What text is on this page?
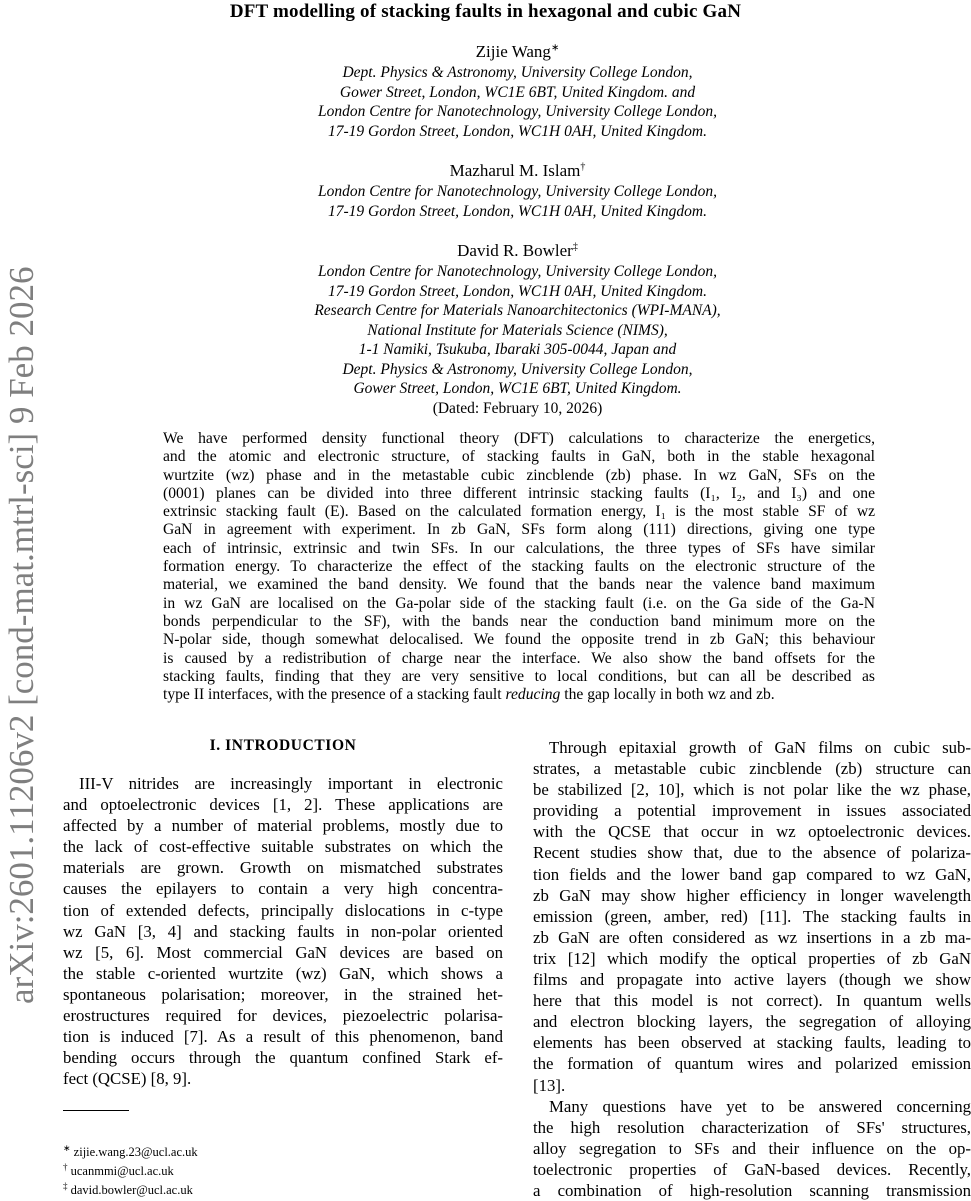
arXiv:2601.11206v2 [cond-mat.mtrl-sci] 9 Feb 2026
DFT modelling of stacking faults in hexagonal and cubic GaN
Zijie Wang∗
Dept. Physics & Astronomy, University College London,
Gower Street, London, WC1E 6BT, United Kingdom. and
London Centre for Nanotechnology, University College London,
17-19 Gordon Street, London, WC1H 0AH, United Kingdom.
Mazharul M. Islam†
London Centre for Nanotechnology, University College London,
17-19 Gordon Street, London, WC1H 0AH, United Kingdom.
David R. Bowler‡
London Centre for Nanotechnology, University College London,
17-19 Gordon Street, London, WC1H 0AH, United Kingdom.
Research Centre for Materials Nanoarchitectonics (WPI-MANA),
National Institute for Materials Science (NIMS),
1-1 Namiki, Tsukuba, Ibaraki 305-0044, Japan and
Dept. Physics & Astronomy, University College London,
Gower Street, London, WC1E 6BT, United Kingdom.
(Dated: February 10, 2026)
We have performed density functional theory (DFT) calculations to characterize the energetics,
and the atomic and electronic structure, of stacking faults in GaN, both in the stable hexagonal
wurtzite (wz) phase and in the metastable cubic zincblende (zb) phase. In wz GaN, SFs on the
(0001) planes can be divided into three different intrinsic stacking faults (I₁, I₂, and I₃) and one
extrinsic stacking fault (E). Based on the calculated formation energy, I₁ is the most stable SF of wz
GaN in agreement with experiment. In zb GaN, SFs form along (111) directions, giving one type
each of intrinsic, extrinsic and twin SFs. In our calculations, the three types of SFs have similar
formation energy. To characterize the effect of the stacking faults on the electronic structure of the
material, we examined the band density. We found that the bands near the valence band maximum
in wz GaN are localised on the Ga-polar side of the stacking fault (i.e. on the Ga side of the Ga-N
bonds perpendicular to the SF), with the bands near the conduction band minimum more on the
N-polar side, though somewhat delocalised. We found the opposite trend in zb GaN; this behaviour
is caused by a redistribution of charge near the interface. We also show the band offsets for the
stacking faults, finding that they are very sensitive to local conditions, but can all be described as
type II interfaces, with the presence of a stacking fault reducing the gap locally in both wz and zb.
I. INTRODUCTION
III-V nitrides are increasingly important in electronic
and optoelectronic devices [1, 2]. These applications are
affected by a number of material problems, mostly due to
the lack of cost-effective suitable substrates on which the
materials are grown. Growth on mismatched substrates
causes the epilayers to contain a very high concentra-
tion of extended defects, principally dislocations in c-type
wz GaN [3, 4] and stacking faults in non-polar oriented
wz [5, 6]. Most commercial GaN devices are based on
the stable c-oriented wurtzite (wz) GaN, which shows a
spontaneous polarisation; moreover, in the strained het-
erostructures required for devices, piezoelectric polarisa-
tion is induced [7]. As a result of this phenomenon, band
bending occurs through the quantum confined Stark ef-
fect (QCSE) [8, 9].
Through epitaxial growth of GaN films on cubic sub-
strates, a metastable cubic zincblende (zb) structure can
be stabilized [2, 10], which is not polar like the wz phase,
providing a potential improvement in issues associated
with the QCSE that occur in wz optoelectronic devices.
Recent studies show that, due to the absence of polariza-
tion fields and the lower band gap compared to wz GaN,
zb GaN may show higher efficiency in longer wavelength
emission (green, amber, red) [11]. The stacking faults in
zb GaN are often considered as wz insertions in a zb ma-
trix [12] which modify the optical properties of zb GaN
films and propagate into active layers (though we show
here that this model is not correct). In quantum wells
and electron blocking layers, the segregation of alloying
elements has been observed at stacking faults, leading to
the formation of quantum wires and polarized emission
[13].
Many questions have yet to be answered concerning
the high resolution characterization of SFs' structures,
alloy segregation to SFs and their influence on the op-
toelectronic properties of GaN-based devices. Recently,
a combination of high-resolution scanning transmission
∗ zijie.wang.23@ucl.ac.uk
† ucanmmi@ucl.ac.uk
‡ david.bowler@ucl.ac.uk
